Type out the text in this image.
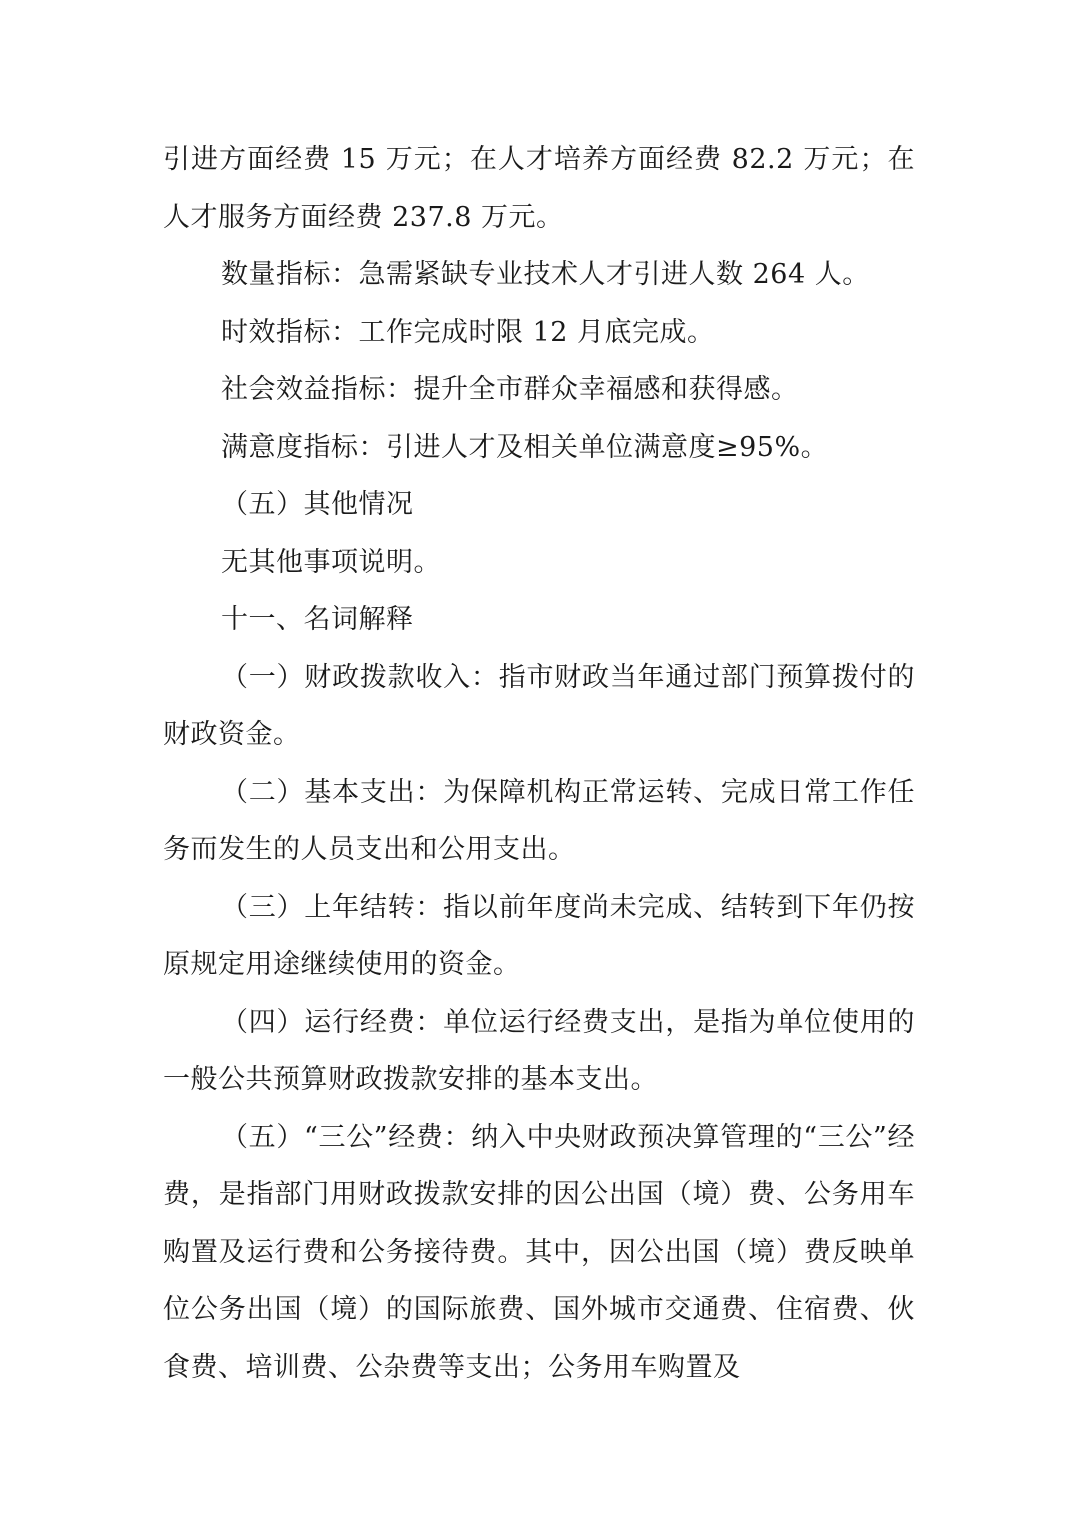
引进方面经费 15 万元；在人才培养方面经费 82.2 万元；在人才服务方面经费 237.8 万元。

数量指标：急需紧缺专业技术人才引进人数 264 人。

时效指标：工作完成时限 12 月底完成。

社会效益指标：提升全市群众幸福感和获得感。

满意度指标：引进人才及相关单位满意度≥95%。

（五）其他情况

无其他事项说明。

十一、名词解释

（一）财政拨款收入：指市财政当年通过部门预算拨付的财政资金。

（二）基本支出：为保障机构正常运转、完成日常工作任务而发生的人员支出和公用支出。

（三）上年结转：指以前年度尚未完成、结转到下年仍按原规定用途继续使用的资金。

（四）运行经费：单位运行经费支出，是指为单位使用的一般公共预算财政拨款安排的基本支出。

（五）“三公”经费：纳入中央财政预决算管理的“三公”经费，是指部门用财政拨款安排的因公出国（境）费、公务用车购置及运行费和公务接待费。其中，因公出国（境）费反映单位公务出国（境）的国际旅费、国外城市交通费、住宿费、伙食费、培训费、公杂费等支出；公务用车购置及
